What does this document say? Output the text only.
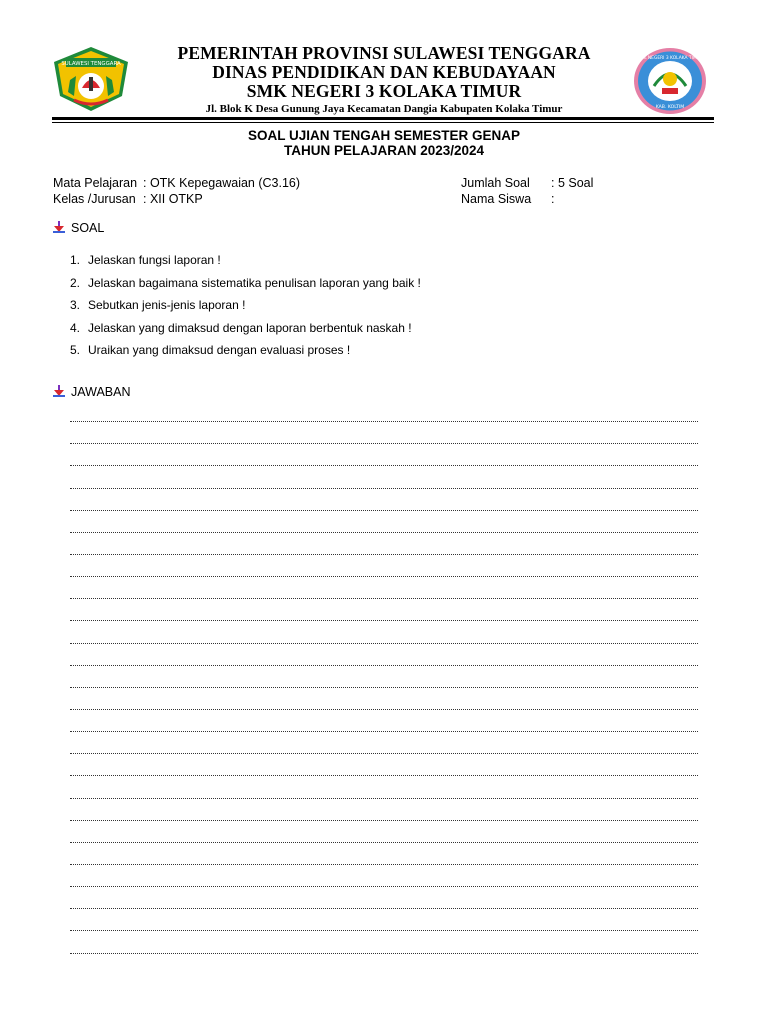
SULAWESI TENGGARA
PEMERINTAH PROVINSI SULAWESI TENGGARA
DINAS PENDIDIKAN DAN KEBUDAYAAN
SMK NEGERI 3 KOLAKA TIMUR
Jl. Blok K Desa Gunung Jaya Kecamatan Dangia Kabupaten Kolaka Timur
SMK NEGERI 3 KOLAKA TIMUR
KAB. KOLTIM
SOAL UJIAN TENGAH SEMESTER GENAP
TAHUN PELAJARAN 2023/2024
Mata Pelajaran : OTK Kepegawaian (C3.16)
Kelas /Jurusan : XII OTKP
Jumlah Soal : 5 Soal
Nama Siswa :
SOAL
1. Jelaskan fungsi laporan !
2. Jelaskan bagaimana sistematika penulisan laporan yang baik !
3. Sebutkan jenis-jenis laporan !
4. Jelaskan yang dimaksud dengan laporan berbentuk naskah !
5. Uraikan yang dimaksud dengan evaluasi proses !
JAWABAN
